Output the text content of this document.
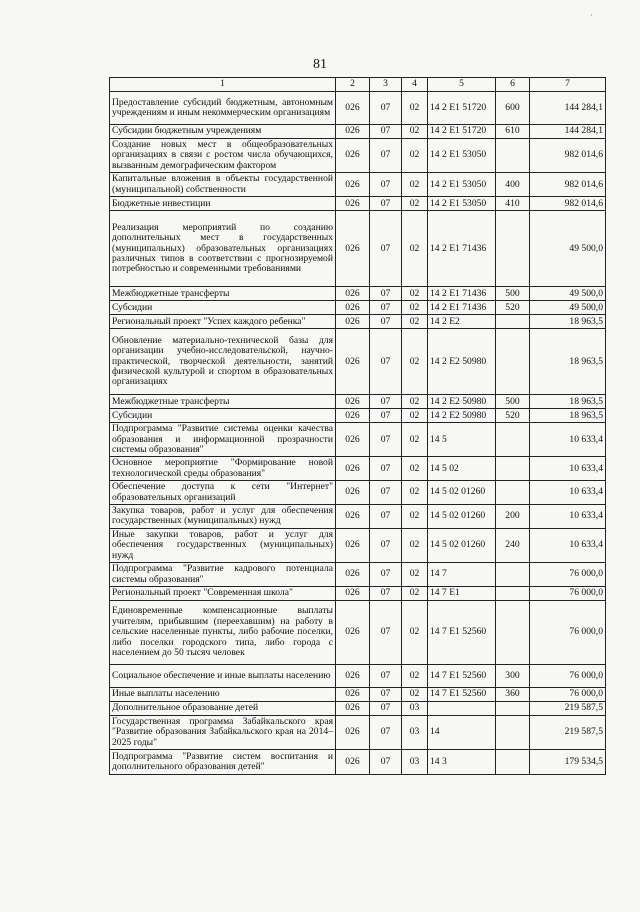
81
·
1	2	3	4	5	6	7
Предоставление субсидий бюджетным, автономным учреждениям и иным некоммерческим организациям	026	07	02	14 2 E1 51720	600	144 284,1
Субсидии бюджетным учреждениям	026	07	02	14 2 E1 51720	610	144 284,1
Создание новых мест в общеобразовательных организациях в связи с ростом числа обучающихся, вызванным демографическим фактором	026	07	02	14 2 E1 53050		982 014,6
Капитальные вложения в объекты государственной (муниципальной) собственности	026	07	02	14 2 E1 53050	400	982 014,6
Бюджетные инвестиции	026	07	02	14 2 E1 53050	410	982 014,6
Реализация мероприятий по созданию дополнительных мест в государственных (муниципальных) образовательных организациях различных типов в соответствии с прогнозируемой потребностью и современными требованиями	026	07	02	14 2 E1 71436		49 500,0
Межбюджетные трансферты	026	07	02	14 2 E1 71436	500	49 500,0
Субсидии	026	07	02	14 2 E1 71436	520	49 500,0
Региональный проект "Успех каждого ребенка"	026	07	02	14 2 E2		18 963,5
Обновление материально-технической базы для организации учебно-исследовательской, научно-практической, творческой деятельности, занятий физической культурой и спортом в образовательных организациях	026	07	02	14 2 E2 50980		18 963,5
Межбюджетные трансферты	026	07	02	14 2 E2 50980	500	18 963,5
Субсидии	026	07	02	14 2 E2 50980	520	18 963,5
Подпрограмма "Развитие системы оценки качества образования и информационной прозрачности системы образования"	026	07	02	14 5		10 633,4
Основное мероприятие "Формирование новой технологической среды образования"	026	07	02	14 5 02		10 633,4
Обеспечение доступа к сети "Интернет" образовательных организаций	026	07	02	14 5 02 01260		10 633,4
Закупка товаров, работ и услуг для обеспечения государственных (муниципальных) нужд	026	07	02	14 5 02 01260	200	10 633,4
Иные закупки товаров, работ и услуг для обеспечения государственных (муниципальных) нужд	026	07	02	14 5 02 01260	240	10 633,4
Подпрограмма "Развитие кадрового потенциала системы образования"	026	07	02	14 7		76 000,0
Региональный проект "Современная школа"	026	07	02	14 7 E1		76 000,0
Единовременные компенсационные выплаты учителям, прибывшим (переехавшим) на работу в сельские населенные пункты, либо рабочие поселки, либо поселки городского типа, либо города с населением до 50 тысяч человек	026	07	02	14 7 E1 52560		76 000,0
Социальное обеспечение и иные выплаты населению	026	07	02	14 7 E1 52560	300	76 000,0
Иные выплаты населению	026	07	02	14 7 E1 52560	360	76 000,0
Дополнительное образование детей	026	07	03			219 587,5
Государственная программа Забайкальского края "Развитие образования Забайкальского края на 2014–2025 годы"	026	07	03	14		219 587,5
Подпрограмма "Развитие систем воспитания и дополнительного образования детей"	026	07	03	14 3		179 534,5
